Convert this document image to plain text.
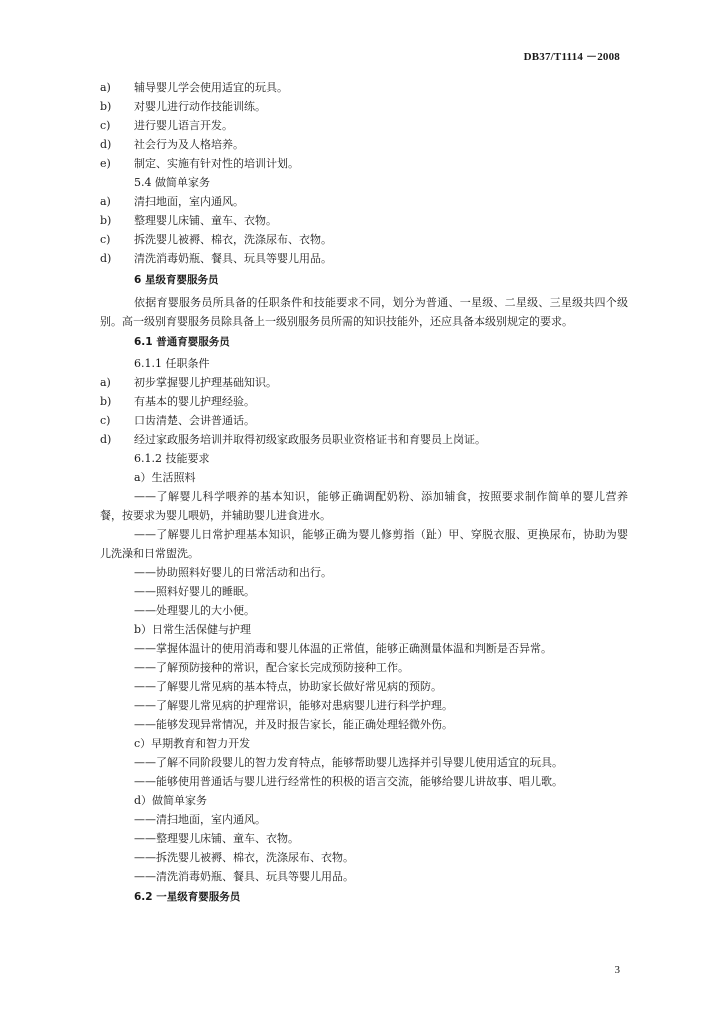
DB37/T1114 －2008
a)	辅导婴儿学会使用适宜的玩具。
b)	对婴儿进行动作技能训练。
c)	进行婴儿语言开发。
d)	社会行为及人格培养。
e)	制定、实施有针对性的培训计划。
5.4 做简单家务
a)	清扫地面，室内通风。
b)	整理婴儿床铺、童车、衣物。
c)	拆洗婴儿被褥、棉衣，洗涤尿布、衣物。
d)	清洗消毒奶瓶、餐具、玩具等婴儿用品。
6 星级育婴服务员
依据育婴服务员所具备的任职条件和技能要求不同，划分为普通、一星级、二星级、三星级共四个级别。高一级别育婴服务员除具备上一级别服务员所需的知识技能外，还应具备本级别规定的要求。
6.1 普通育婴服务员
6.1.1 任职条件
a)	初步掌握婴儿护理基础知识。
b)	有基本的婴儿护理经验。
c)	口齿清楚、会讲普通话。
d)	经过家政服务培训并取得初级家政服务员职业资格证书和育婴员上岗证。
6.1.2 技能要求
a）生活照料
——了解婴儿科学喂养的基本知识，能够正确调配奶粉、添加辅食，按照要求制作简单的婴儿营养餐，按要求为婴儿喂奶，并辅助婴儿进食进水。
——了解婴儿日常护理基本知识，能够正确为婴儿修剪指（趾）甲、穿脱衣服、更换尿布，协助为婴儿洗澡和日常盥洗。
——协助照料好婴儿的日常活动和出行。
——照料好婴儿的睡眠。
——处理婴儿的大小便。
b）日常生活保健与护理
——掌握体温计的使用消毒和婴儿体温的正常值，能够正确测量体温和判断是否异常。
——了解预防接种的常识，配合家长完成预防接种工作。
——了解婴儿常见病的基本特点，协助家长做好常见病的预防。
——了解婴儿常见病的护理常识，能够对患病婴儿进行科学护理。
——能够发现异常情况，并及时报告家长，能正确处理轻微外伤。
c）早期教育和智力开发
——了解不同阶段婴儿的智力发育特点，能够帮助婴儿选择并引导婴儿使用适宜的玩具。
——能够使用普通话与婴儿进行经常性的积极的语言交流，能够给婴儿讲故事、唱儿歌。
d）做简单家务
——清扫地面，室内通风。
——整理婴儿床铺、童车、衣物。
——拆洗婴儿被褥、棉衣，洗涤尿布、衣物。
——清洗消毒奶瓶、餐具、玩具等婴儿用品。
6.2 一星级育婴服务员
3
